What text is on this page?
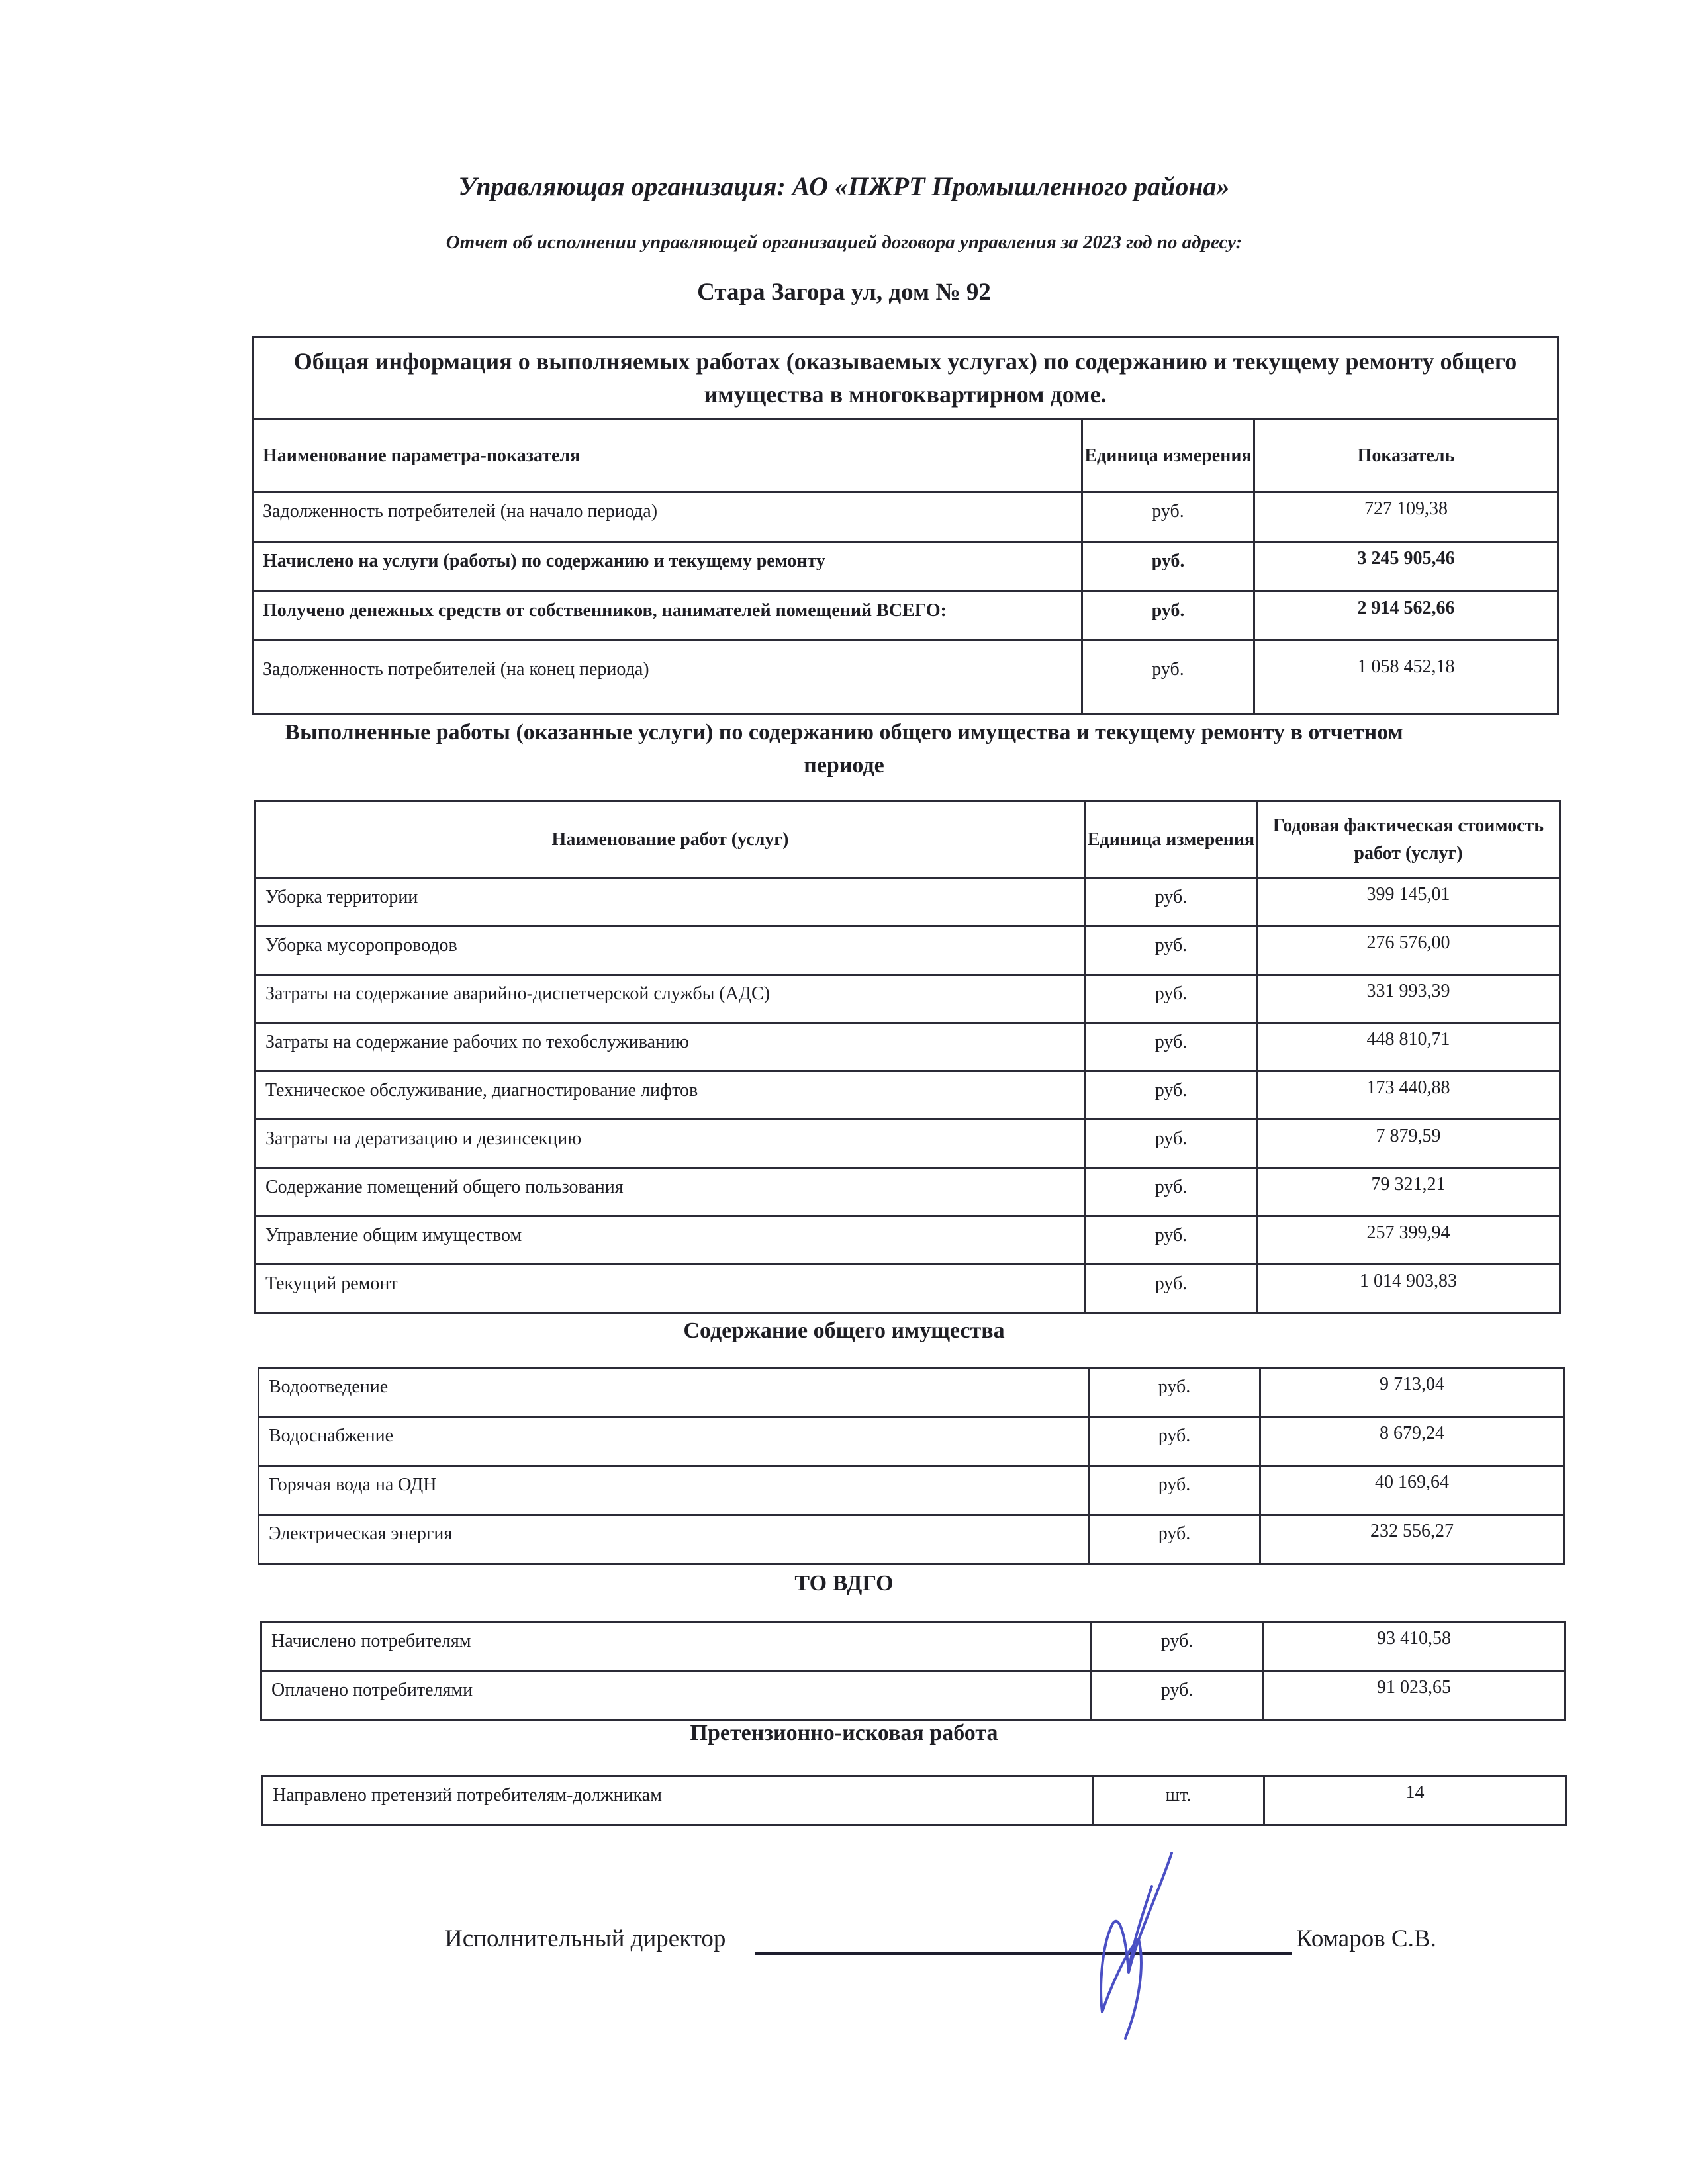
Управляющая организация: АО «ПЖРТ Промышленного района»
Отчет об исполнении управляющей организацией договора управления за 2023 год по адресу:
Стара Загора ул, дом № 92
Общая информация о выполняемых работах (оказываемых услугах) по содержанию и текущему ремонту общего имущества в многоквартирном доме.		
Наименование параметра-показателя	Единица измерения	Показатель
Задолженность потребителей (на начало периода)	руб.	727 109,38
Начислено на услуги (работы) по содержанию и текущему ремонту	руб.	3 245 905,46
Получено денежных средств от собственников, нанимателей помещений ВСЕГО:	руб.	2 914 562,66
Задолженность потребителей (на конец периода)	руб.	1 058 452,18
Выполненные работы (оказанные услуги) по содержанию общего имущества и текущему ремонту в отчетном периоде
Наименование работ (услуг)	Единица измерения	Годовая фактическая стоимость работ (услуг)
Уборка территории	руб.	399 145,01
Уборка мусоропроводов	руб.	276 576,00
Затраты на содержание аварийно-диспетчерской службы (АДС)	руб.	331 993,39
Затраты на содержание рабочих по техобслуживанию	руб.	448 810,71
Техническое обслуживание, диагностирование лифтов	руб.	173 440,88
Затраты на дератизацию и дезинсекцию	руб.	7 879,59
Содержание помещений общего пользования	руб.	79 321,21
Управление общим имуществом	руб.	257 399,94
Текущий ремонт	руб.	1 014 903,83
Содержание общего имущества
Водоотведение	руб.	9 713,04
Водоснабжение	руб.	8 679,24
Горячая вода на ОДН	руб.	40 169,64
Электрическая энергия	руб.	232 556,27
ТО ВДГО
Начислено потребителям	руб.	93 410,58
Оплачено потребителями	руб.	91 023,65
Претензионно-исковая работа
Направлено претензий потребителям-должникам	шт.	14
Исполнительный директор	Комаров С.В.
